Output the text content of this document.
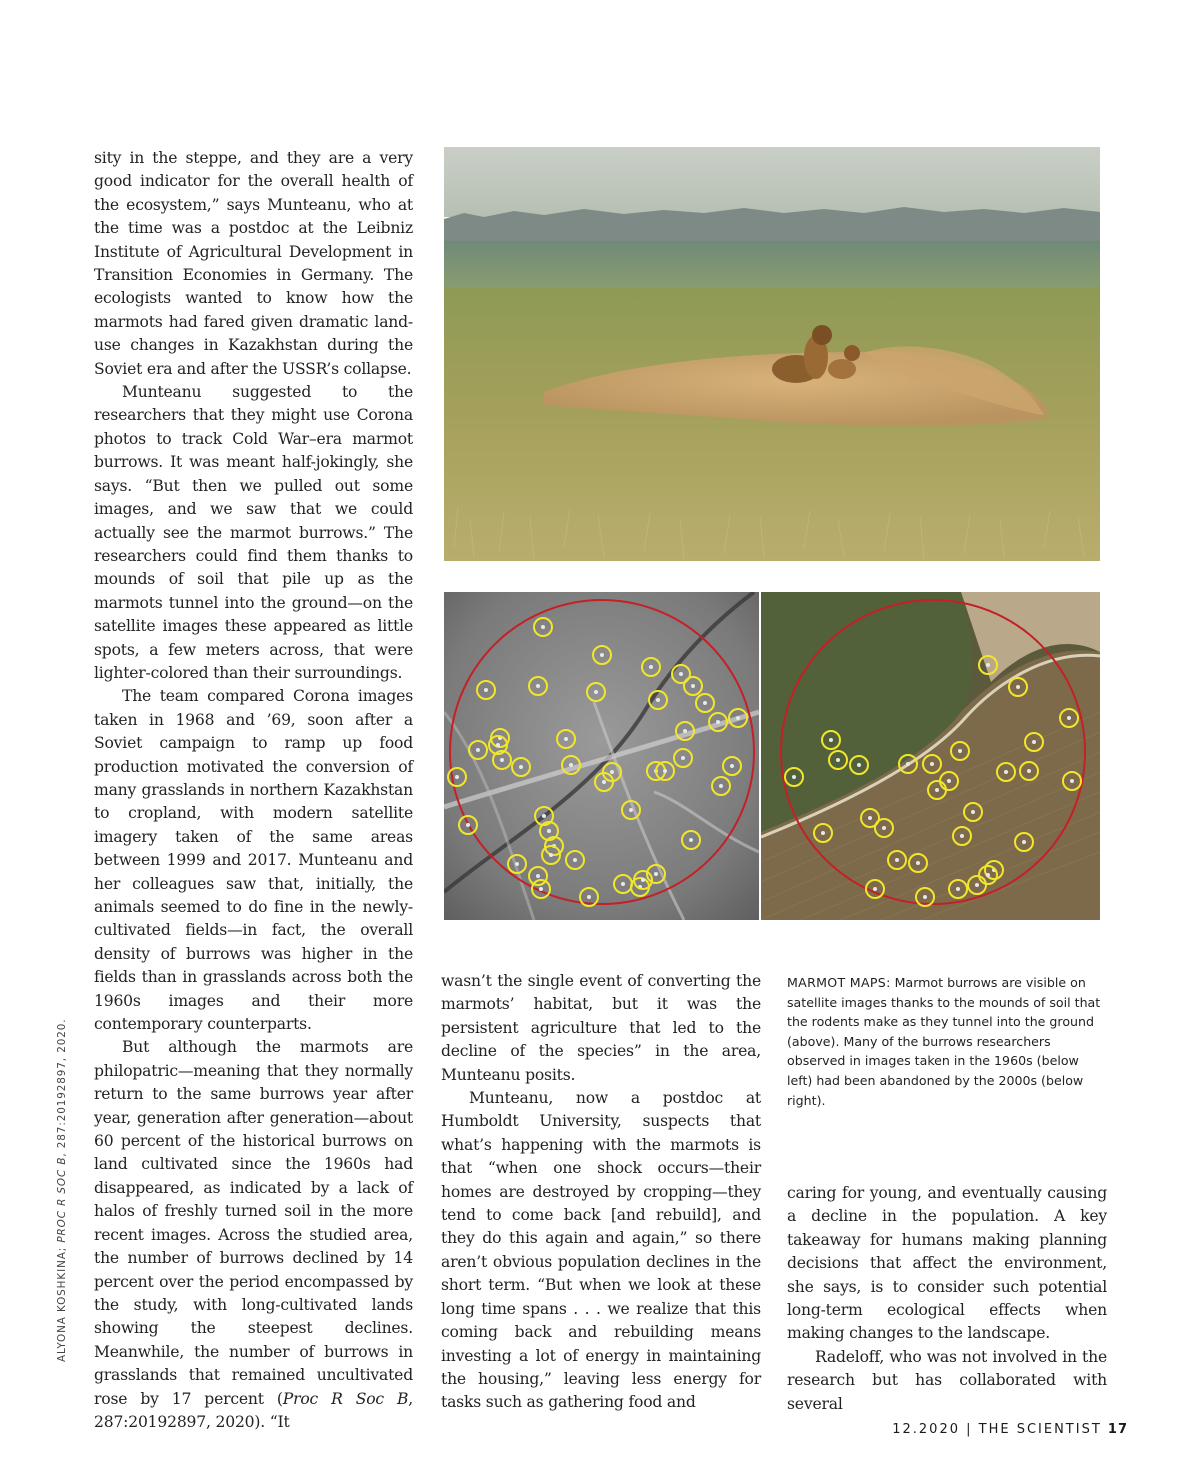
sity in the steppe, and they are a very good indicator for the overall health of the ecosystem,” says Munteanu, who at the time was a postdoc at the Leibniz Institute of Agricultural Development in Transition Economies in Germany. The ecologists wanted to know how the marmots had fared given dramatic land-use changes in Kazakhstan during the Soviet era and after the USSR’s collapse.

Munteanu suggested to the researchers that they might use Corona photos to track Cold War–era marmot burrows. It was meant half-jokingly, she says. “But then we pulled out some images, and we saw that we could actually see the marmot burrows.” The researchers could find them thanks to mounds of soil that pile up as the marmots tunnel into the ground—on the satellite images these appeared as little spots, a few meters across, that were lighter-colored than their surroundings.

The team compared Corona images taken in 1968 and ’69, soon after a Soviet campaign to ramp up food production motivated the conversion of many grasslands in northern Kazakhstan to cropland, with modern satellite imagery taken of the same areas between 1999 and 2017. Munteanu and her colleagues saw that, initially, the animals seemed to do fine in the newly-cultivated fields—in fact, the overall density of burrows was higher in the fields than in grasslands across both the 1960s images and their more contemporary counterparts.

But although the marmots are philopatric—meaning that they normally return to the same burrows year after year, generation after generation—about 60 percent of the historical burrows on land cultivated since the 1960s had disappeared, as indicated by a lack of halos of freshly turned soil in the more recent images. Across the studied area, the number of burrows declined by 14 percent over the period encompassed by the study, with long-cultivated lands showing the steepest declines. Meanwhile, the number of burrows in grasslands that remained uncultivated rose by 17 percent (Proc R Soc B, 287:20192897, 2020). “It

wasn’t the single event of converting the marmots’ habitat, but it was the persistent agriculture that led to the decline of the species” in the area, Munteanu posits.

Munteanu, now a postdoc at Humboldt University, suspects that what’s happening with the marmots is that “when one shock occurs—their homes are destroyed by cropping—they tend to come back [and rebuild], and they do this again and again,” so there aren’t obvious population declines in the short term. “But when we look at these long time spans . . . we realize that this coming back and rebuilding means investing a lot of energy in maintaining the housing,” leaving less energy for tasks such as gathering food and

MARMOT MAPS: Marmot burrows are visible on satellite images thanks to the mounds of soil that the rodents make as they tunnel into the ground (above). Many of the burrows researchers observed in images taken in the 1960s (below left) had been abandoned by the 2000s (below right).

caring for young, and eventually causing a decline in the population. A key takeaway for humans making planning decisions that affect the environment, she says, is to consider such potential long-term ecological effects when making changes to the landscape.

Radeloff, who was not involved in the research but has collaborated with several

ALYONA KOSHKINA; PROC R SOC B, 287:20192897, 2020.
12.2020 | THE SCIENTIST 17
